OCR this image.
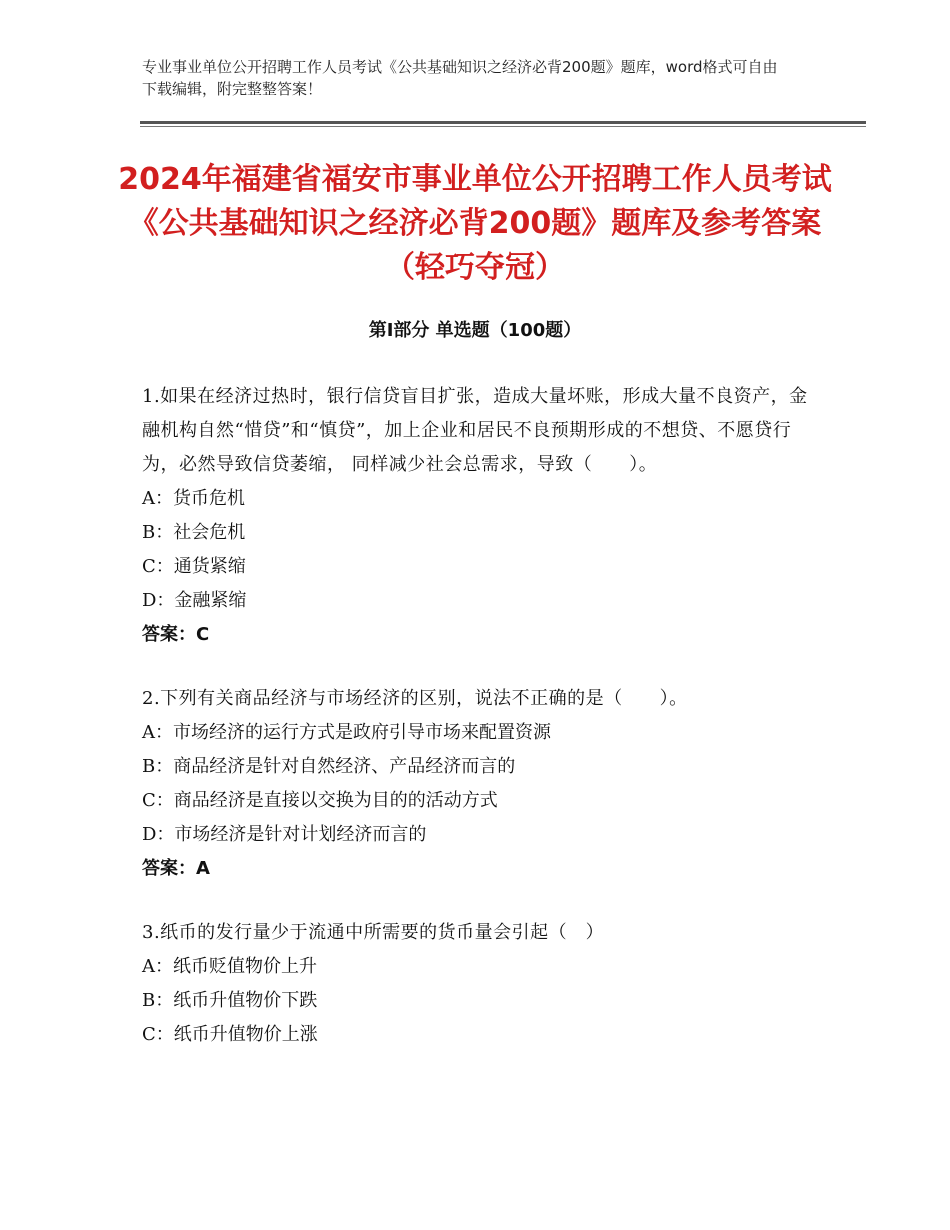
专业事业单位公开招聘工作人员考试《公共基础知识之经济必背200题》题库，word格式可自由下载编辑，附完整整答案！
2024年福建省福安市事业单位公开招聘工作人员考试《公共基础知识之经济必背200题》题库及参考答案（轻巧夺冠）
第Ⅰ部分 单选题（100题）
1.如果在经济过热时，银行信贷盲目扩张，造成大量坏账，形成大量不良资产，金融机构自然“惜贷”和“慎贷”，加上企业和居民不良预期形成的不想贷、不愿贷行为，必然导致信贷萎缩， 同样减少社会总需求，导致（　　）。
A：货币危机
B：社会危机
C：通货紧缩
D：金融紧缩
答案：C
2.下列有关商品经济与市场经济的区别，说法不正确的是（　　）。
A：市场经济的运行方式是政府引导市场来配置资源
B：商品经济是针对自然经济、产品经济而言的
C：商品经济是直接以交换为目的的活动方式
D：市场经济是针对计划经济而言的
答案：A
3.纸币的发行量少于流通中所需要的货币量会引起（　）
A：纸币贬值物价上升
B：纸币升值物价下跌
C：纸币升值物价上涨
